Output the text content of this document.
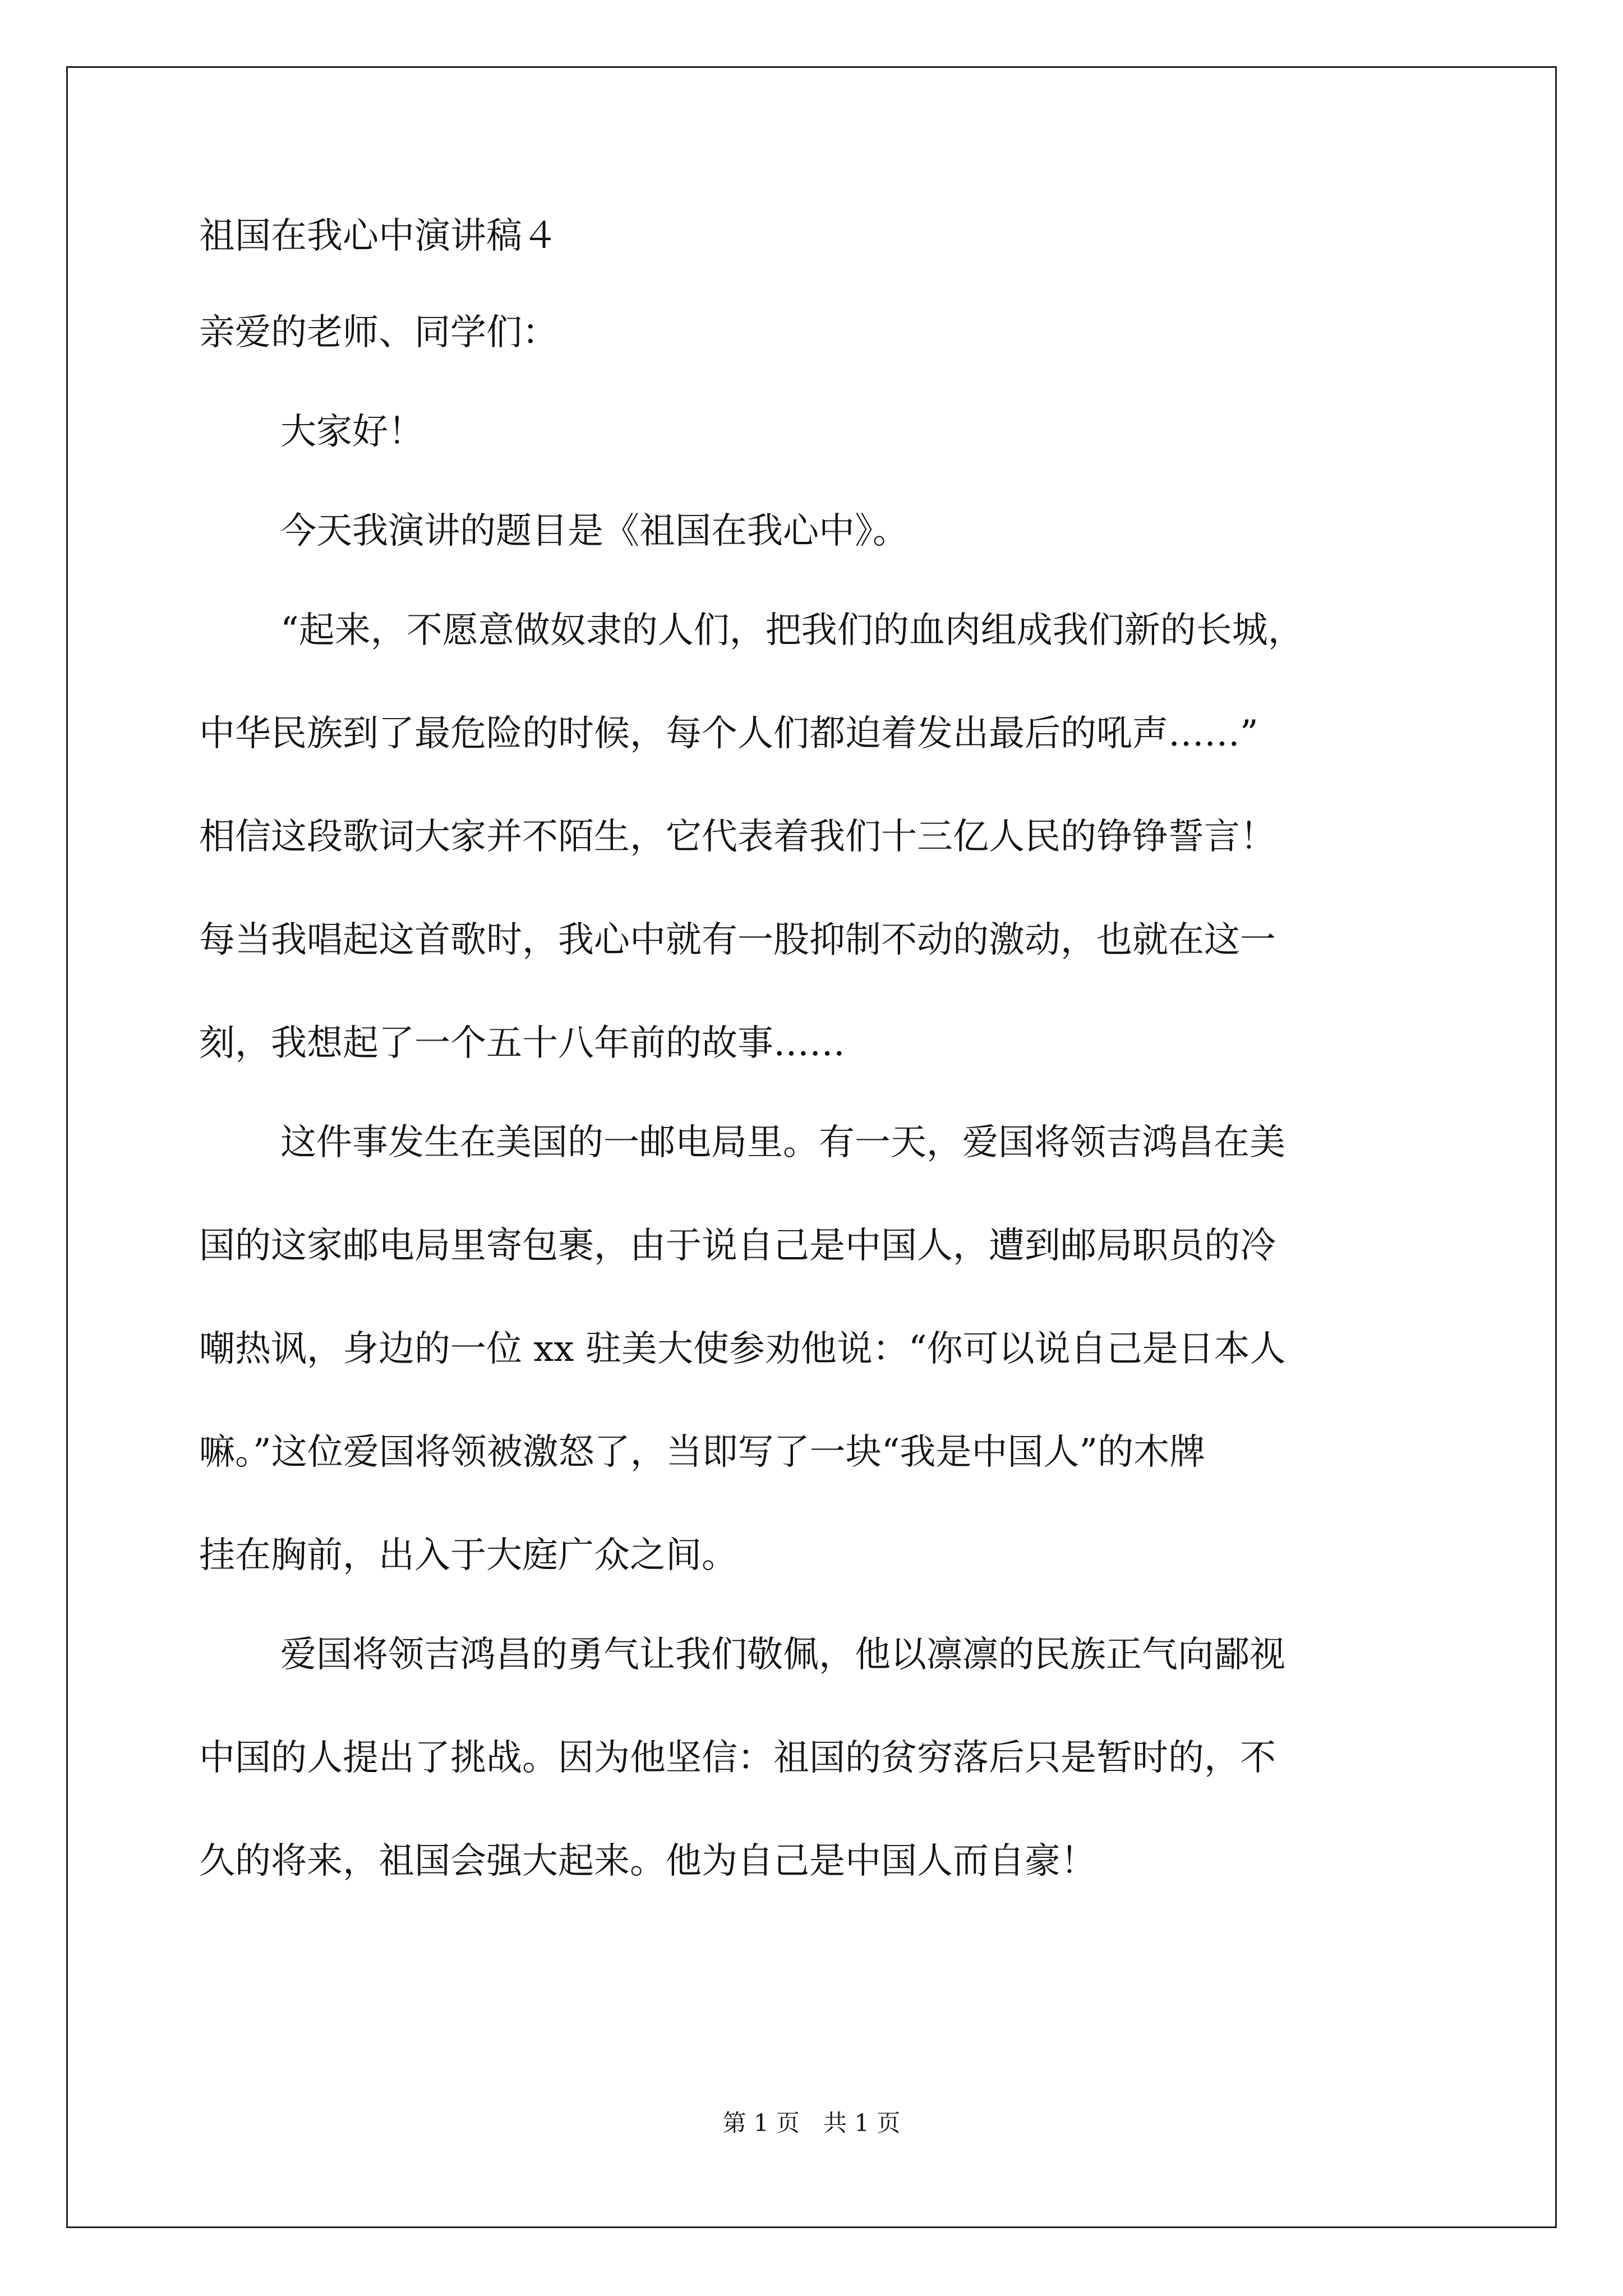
祖国在我心中演讲稿４
亲爱的老师、同学们：
大家好！
今天我演讲的题目是《祖国在我心中》。
“起来，不愿意做奴隶的人们，把我们的血肉组成我们新的长城，
中华民族到了最危险的时候，每个人们都迫着发出最后的吼声……”
相信这段歌词大家并不陌生，它代表着我们十三亿人民的铮铮誓言！
每当我唱起这首歌时，我心中就有一股抑制不动的激动，也就在这一
刻，我想起了一个五十八年前的故事……
这件事发生在美国的一邮电局里。有一天，爱国将领吉鸿昌在美
国的这家邮电局里寄包裹，由于说自己是中国人，遭到邮局职员的冷
嘲热讽，身边的一位 xx 驻美大使参劝他说：“你可以说自己是日本人
嘛。”这位爱国将领被激怒了，当即写了一块“我是中国人”的木牌
挂在胸前，出入于大庭广众之间。
爱国将领吉鸿昌的勇气让我们敬佩，他以凛凛的民族正气向鄙视
中国的人提出了挑战。因为他坚信：祖国的贫穷落后只是暂时的，不
久的将来，祖国会强大起来。他为自己是中国人而自豪！
第 1 页　共 1 页
